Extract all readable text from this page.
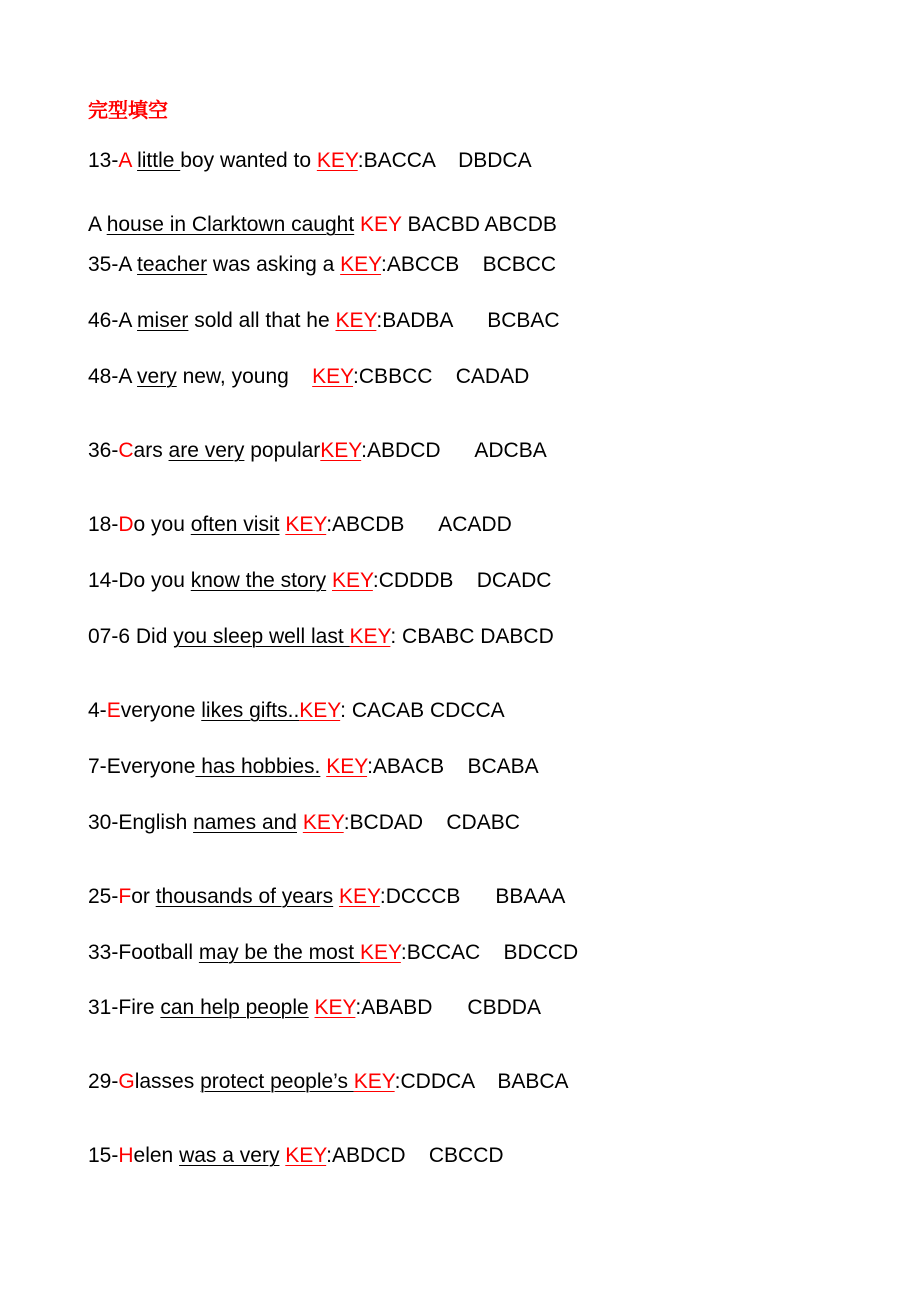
完型填空
13-A little boy wanted to KEY:BACCA    DBDCA
A house in Clarktown caught KEY BACBD ABCDB
35-A teacher was asking a KEY:ABCCB    BCBCC
46-A miser sold all that he KEY:BADBA      BCBAC
48-A very new, young    KEY:CBBCC    CADAD
36-Cars are very popularKEY:ABDCD      ADCBA
18-Do you often visit KEY:ABCDB      ACADD
14-Do you know the story KEY:CDDDB    DCADC
07-6 Did you sleep well last KEY: CBABC DABCD
4-Everyone likes gifts..KEY: CACAB CDCCA
7-Everyone has hobbies. KEY:ABACB    BCABA
30-English names and KEY:BCDAD    CDABC
25-For thousands of years KEY:DCCCB      BBAAA
33-Football may be the most KEY:BCCAC    BDCCD
31-Fire can help people KEY:ABABD      CBDDA
29-Glasses protect people’s KEY:CDDCA    BABCA
15-Helen was a very KEY:ABDCD    CBCCD
